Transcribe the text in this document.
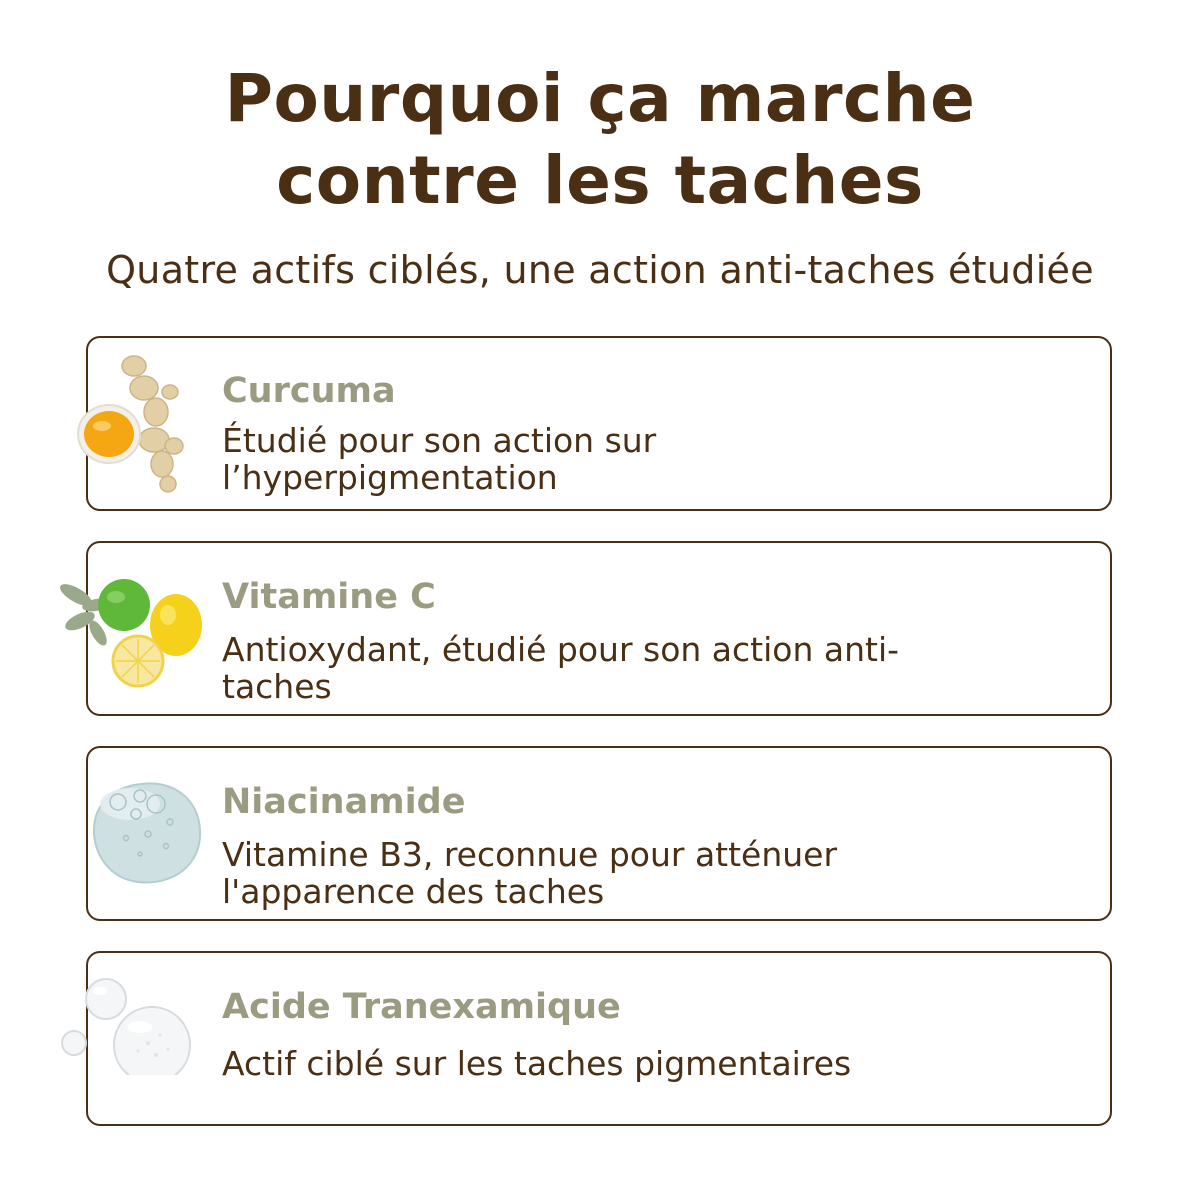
Pourquoi ça marche
contre les taches
Quatre actifs ciblés, une action anti-taches étudiée
Curcuma
Étudié pour son action sur l’hyperpigmentation
Vitamine C
Antioxydant, étudié pour son action anti-taches
Niacinamide
Vitamine B3, reconnue pour atténuer l'apparence des taches
Acide Tranexamique
Actif ciblé sur les taches pigmentaires
